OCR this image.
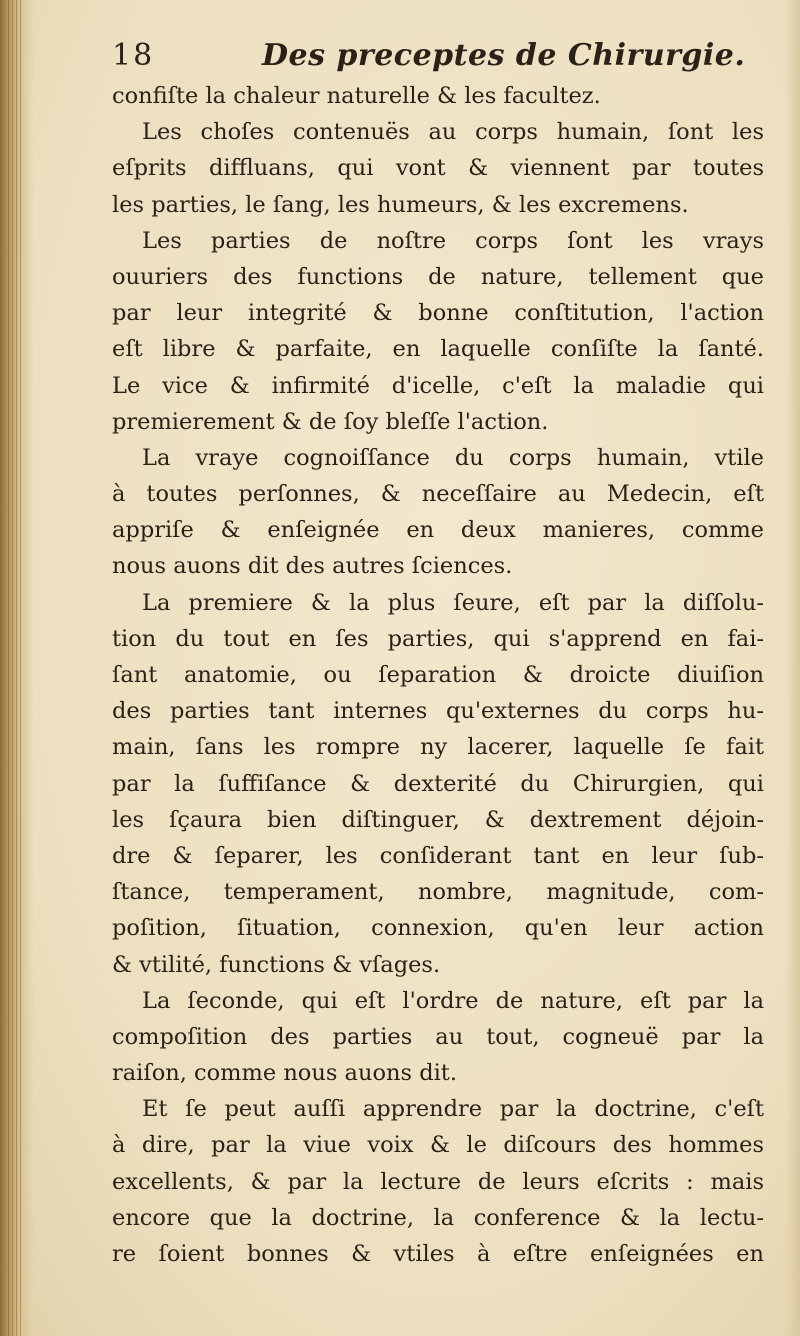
18	Des preceptes de Chirurgie.
confiſte la chaleur naturelle & les facultez.
Les choſes contenuës au corps humain, ſont les
eſprits diffluans, qui vont & viennent par toutes
les parties, le ſang, les humeurs, & les excremens.
Les parties de noſtre corps ſont les vrays
ouuriers des functions de nature, tellement que
par leur integrité & bonne conſtitution, l'action
eſt libre & parfaite, en laquelle conſiſte la ſanté.
Le vice & infirmité d'icelle, c'eſt la maladie qui
premierement & de ſoy bleſſe l'action.
La vraye cognoiſſance du corps humain, vtile
à toutes perſonnes, & neceſſaire au Medecin, eſt
appriſe & enſeignée en deux manieres, comme
nous auons dit des autres ſciences.
La premiere & la plus ſeure, eſt par la diſſolu-
tion du tout en ſes parties, qui s'apprend en fai-
ſant anatomie, ou ſeparation & droicte diuiſion
des parties tant internes qu'externes du corps hu-
main, ſans les rompre ny lacerer, laquelle ſe fait
par la ſuffiſance & dexterité du Chirurgien, qui
les ſçaura bien diſtinguer, & dextrement déjoin-
dre & ſeparer, les conſiderant tant en leur ſub-
ſtance, temperament, nombre, magnitude, com-
poſition, ſituation, connexion, qu'en leur action
& vtilité, functions & vſages.
La ſeconde, qui eſt l'ordre de nature, eſt par la
compoſition des parties au tout, cogneuë par la
raiſon, comme nous auons dit.
Et ſe peut auſſi apprendre par la doctrine, c'eſt
à dire, par la viue voix & le diſcours des hommes
excellents, & par la lecture de leurs eſcrits : mais
encore que la doctrine, la conference & la lectu-
re ſoient bonnes & vtiles à eſtre enſeignées en
